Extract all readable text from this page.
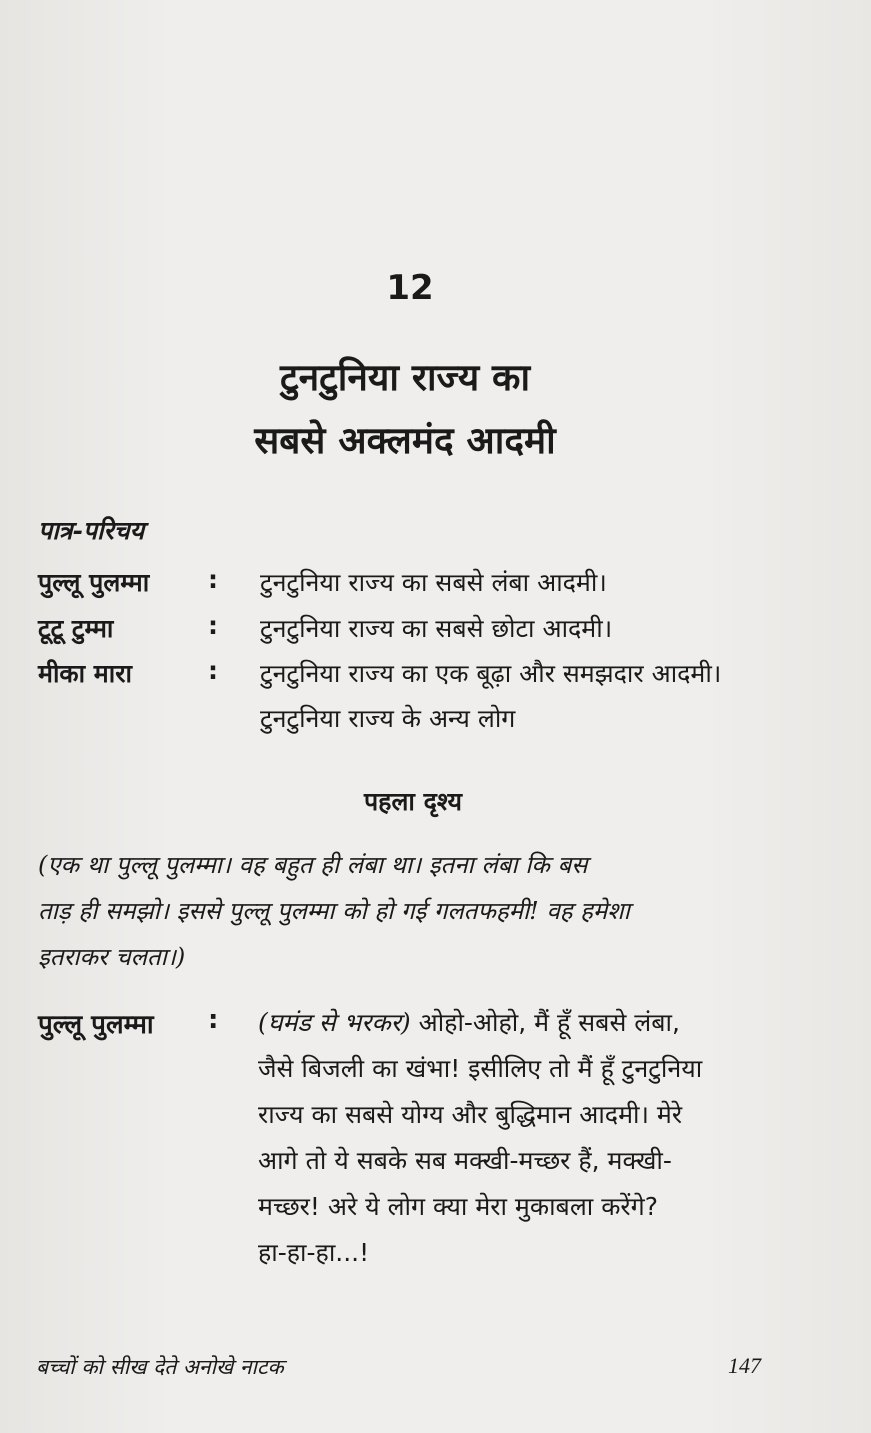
12
टुनटुनिया राज्य का
सबसे अक्लमंद आदमी
पात्र-परिचय
पुल्लू पुलम्मा : टुनटुनिया राज्य का सबसे लंबा आदमी।
टूटू टुम्मा	: टुनटुनिया राज्य का सबसे छोटा आदमी।
मीका मारा	: टुनटुनिया राज्य का एक बूढ़ा और समझदार आदमी।
टुनटुनिया राज्य के अन्य लोग
पहला दृश्य
(एक था पुल्लू पुलम्मा। वह बहुत ही लंबा था। इतना लंबा कि बस
ताड़ ही समझो। इससे पुल्लू पुलम्मा को हो गई गलतफहमी! वह हमेशा
इतराकर चलता।)
पुल्लू पुलम्मा : (घमंड से भरकर) ओहो-ओहो, मैं हूँ सबसे लंबा,
जैसे बिजली का खंभा! इसीलिए तो मैं हूँ टुनटुनिया
राज्य का सबसे योग्य और बुद्धिमान आदमी। मेरे
आगे तो ये सबके सब मक्खी-मच्छर हैं, मक्खी-
मच्छर! अरे ये लोग क्या मेरा मुकाबला करेंगे?
हा-हा-हा...!
बच्चों को सीख देते अनोखे नाटक	147
